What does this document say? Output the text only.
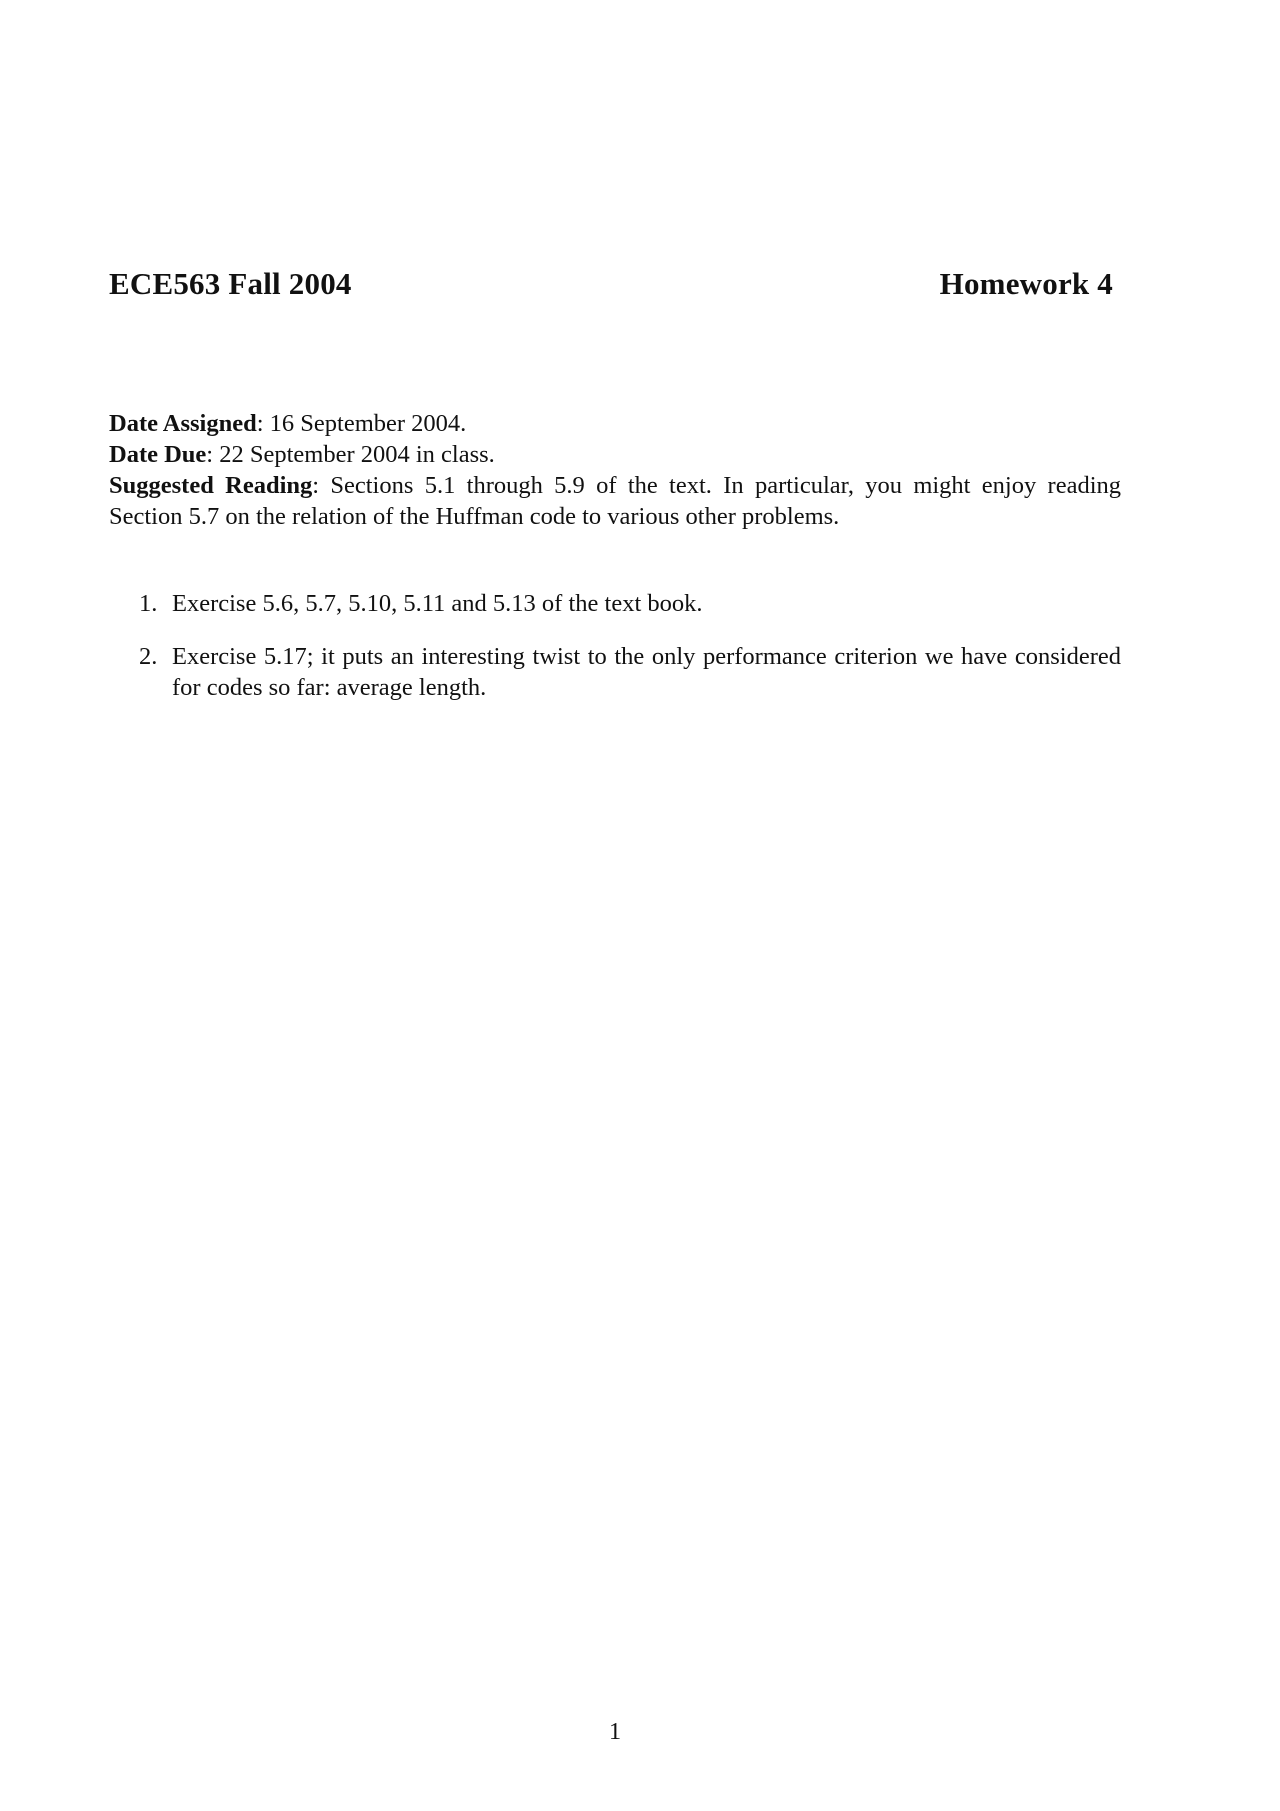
ECE563 Fall 2004	Homework 4
Date Assigned: 16 September 2004.
Date Due: 22 September 2004 in class.
Suggested Reading: Sections 5.1 through 5.9 of the text. In particular, you might enjoy reading Section 5.7 on the relation of the Huffman code to various other problems.
1. Exercise 5.6, 5.7, 5.10, 5.11 and 5.13 of the text book.
2. Exercise 5.17; it puts an interesting twist to the only performance criterion we have considered for codes so far: average length.
1
